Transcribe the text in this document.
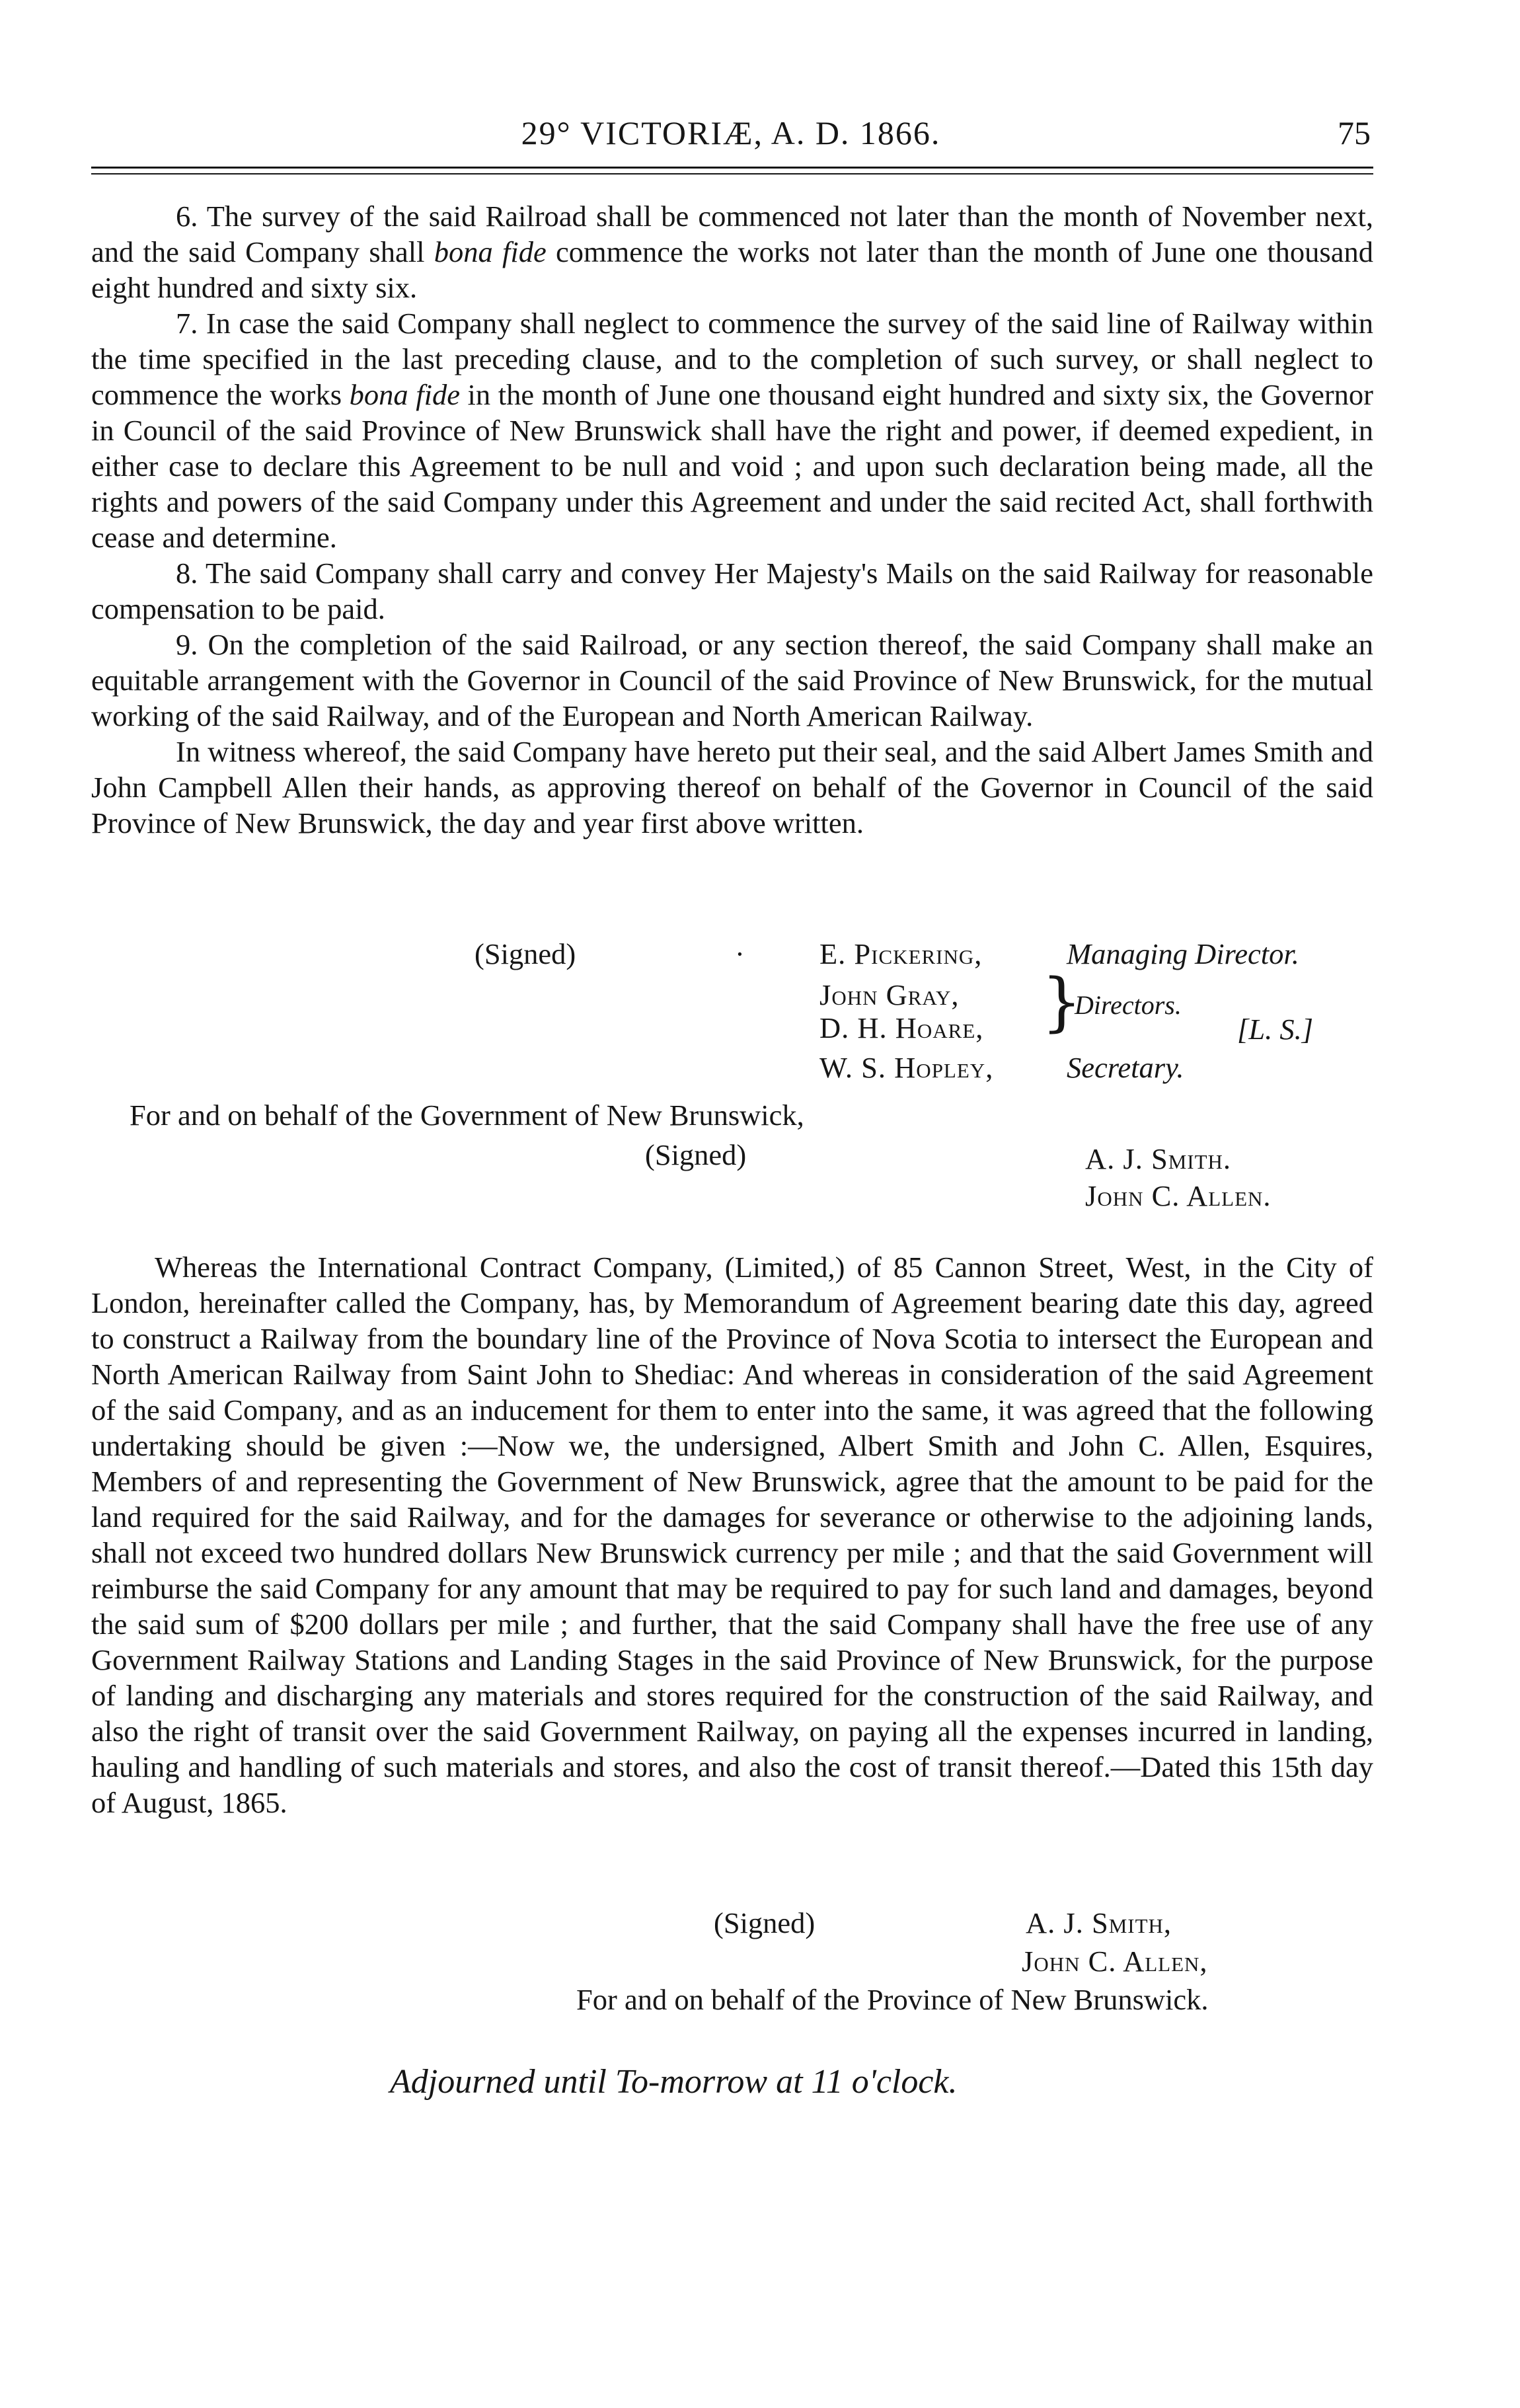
29° VICTORIÆ, A. D. 1866.	75

6. The survey of the said Railroad shall be commenced not later than the month of November next, and the said Company shall bona fide commence the works not later than the month of June one thousand eight hundred and sixty six.

7. In case the said Company shall neglect to commence the survey of the said line of Railway within the time specified in the last preceding clause, and to the completion of such survey, or shall neglect to commence the works bona fide in the month of June one thousand eight hundred and sixty six, the Governor in Council of the said Province of New Brunswick shall have the right and power, if deemed expedient, in either case to declare this Agreement to be null and void ; and upon such declaration being made, all the rights and powers of the said Company under this Agreement and under the said recited Act, shall forthwith cease and determine.

8. The said Company shall carry and convey Her Majesty's Mails on the said Railway for reasonable compensation to be paid.

9. On the completion of the said Railroad, or any section thereof, the said Company shall make an equitable arrangement with the Governor in Council of the said Province of New Brunswick, for the mutual working of the said Railway, and of the European and North American Railway.

In witness whereof, the said Company have hereto put their seal, and the said Albert James Smith and John Campbell Allen their hands, as approving thereof on behalf of the Governor in Council of the said Province of New Brunswick, the day and year first above written.

(Signed)	·	E. Pickering,	Managing Director.
John Gray,
D. H. Hoare, }
Directors.
[L. S.]
W. S. Hopley, Secretary.
For and on behalf of the Government of New Brunswick,
(Signed)	A. J. Smith.
John C. Allen.

Whereas the International Contract Company, (Limited,) of 85 Cannon Street, West, in the City of London, hereinafter called the Company, has, by Memorandum of Agreement bearing date this day, agreed to construct a Railway from the boundary line of the Province of Nova Scotia to intersect the European and North American Railway from Saint John to Shediac: And whereas in consideration of the said Agreement of the said Company, and as an inducement for them to enter into the same, it was agreed that the following undertaking should be given :—Now we, the undersigned, Albert Smith and John C. Allen, Esquires, Members of and representing the Government of New Brunswick, agree that the amount to be paid for the land required for the said Railway, and for the damages for severance or otherwise to the adjoining lands, shall not exceed two hundred dollars New Brunswick currency per mile ; and that the said Government will reimburse the said Company for any amount that may be required to pay for such land and damages, beyond the said sum of $200 dollars per mile ; and further, that the said Company shall have the free use of any Government Railway Stations and Landing Stages in the said Province of New Brunswick, for the purpose of landing and discharging any materials and stores required for the construction of the said Railway, and also the right of transit over the said Government Railway, on paying all the expenses incurred in landing, hauling and handling of such materials and stores, and also the cost of transit thereof.—Dated this 15th day of August, 1865.

(Signed)	A. J. Smith,
John C. Allen,
For and on behalf of the Province of New Brunswick.
Adjourned until To-morrow at 11 o'clock.
